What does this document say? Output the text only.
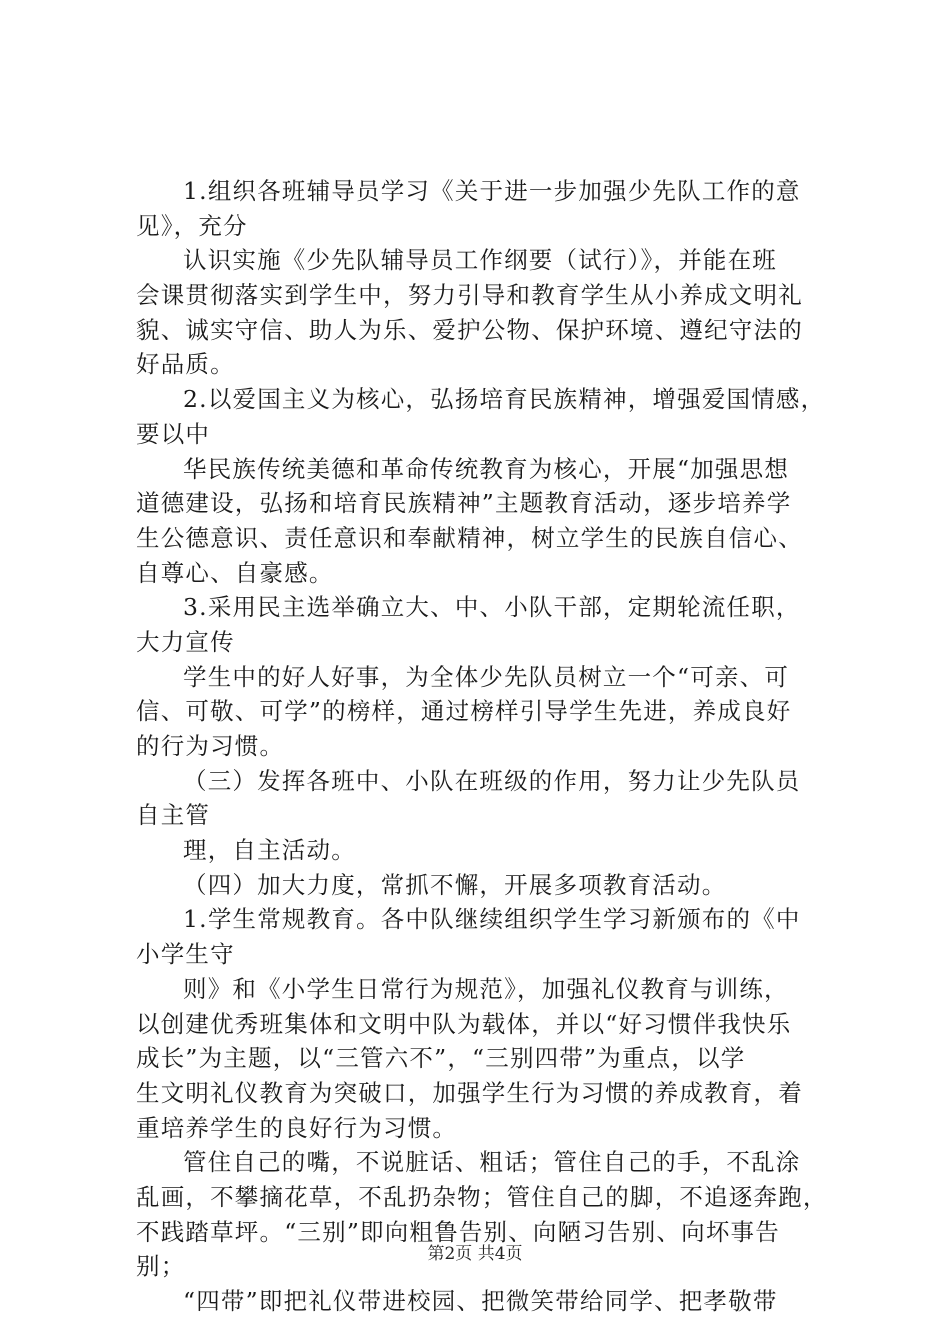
1.组织各班辅导员学习《关于进一步加强少先队工作的意
见》，充分
认识实施《少先队辅导员工作纲要（试行）》，并能在班
会课贯彻落实到学生中，努力引导和教育学生从小养成文明礼
貌、诚实守信、助人为乐、爱护公物、保护环境、遵纪守法的
好品质。
2.以爱国主义为核心，弘扬培育民族精神，增强爱国情感，
要以中
华民族传统美德和革命传统教育为核心，开展“加强思想
道德建设，弘扬和培育民族精神”主题教育活动，逐步培养学
生公德意识、责任意识和奉献精神，树立学生的民族自信心、
自尊心、自豪感。
3.采用民主选举确立大、中、小队干部，定期轮流任职，
大力宣传
学生中的好人好事，为全体少先队员树立一个“可亲、可
信、可敬、可学”的榜样，通过榜样引导学生先进，养成良好
的行为习惯。
（三）发挥各班中、小队在班级的作用，努力让少先队员
自主管
理，自主活动。
（四）加大力度，常抓不懈，开展多项教育活动。
1.学生常规教育。各中队继续组织学生学习新颁布的《中
小学生守
则》和《小学生日常行为规范》，加强礼仪教育与训练，
以创建优秀班集体和文明中队为载体，并以“好习惯伴我快乐
成长”为主题，以“三管六不”，“三别四带”为重点，以学
生文明礼仪教育为突破口，加强学生行为习惯的养成教育，着
重培养学生的良好行为习惯。
管住自己的嘴，不说脏话、粗话；管住自己的手，不乱涂
乱画，不攀摘花草，不乱扔杂物；管住自己的脚，不追逐奔跑，
不践踏草坪。“三别”即向粗鲁告别、向陋习告别、向坏事告
别；
“四带”即把礼仪带进校园、把微笑带给同学、把孝敬带
第2页 共4页
